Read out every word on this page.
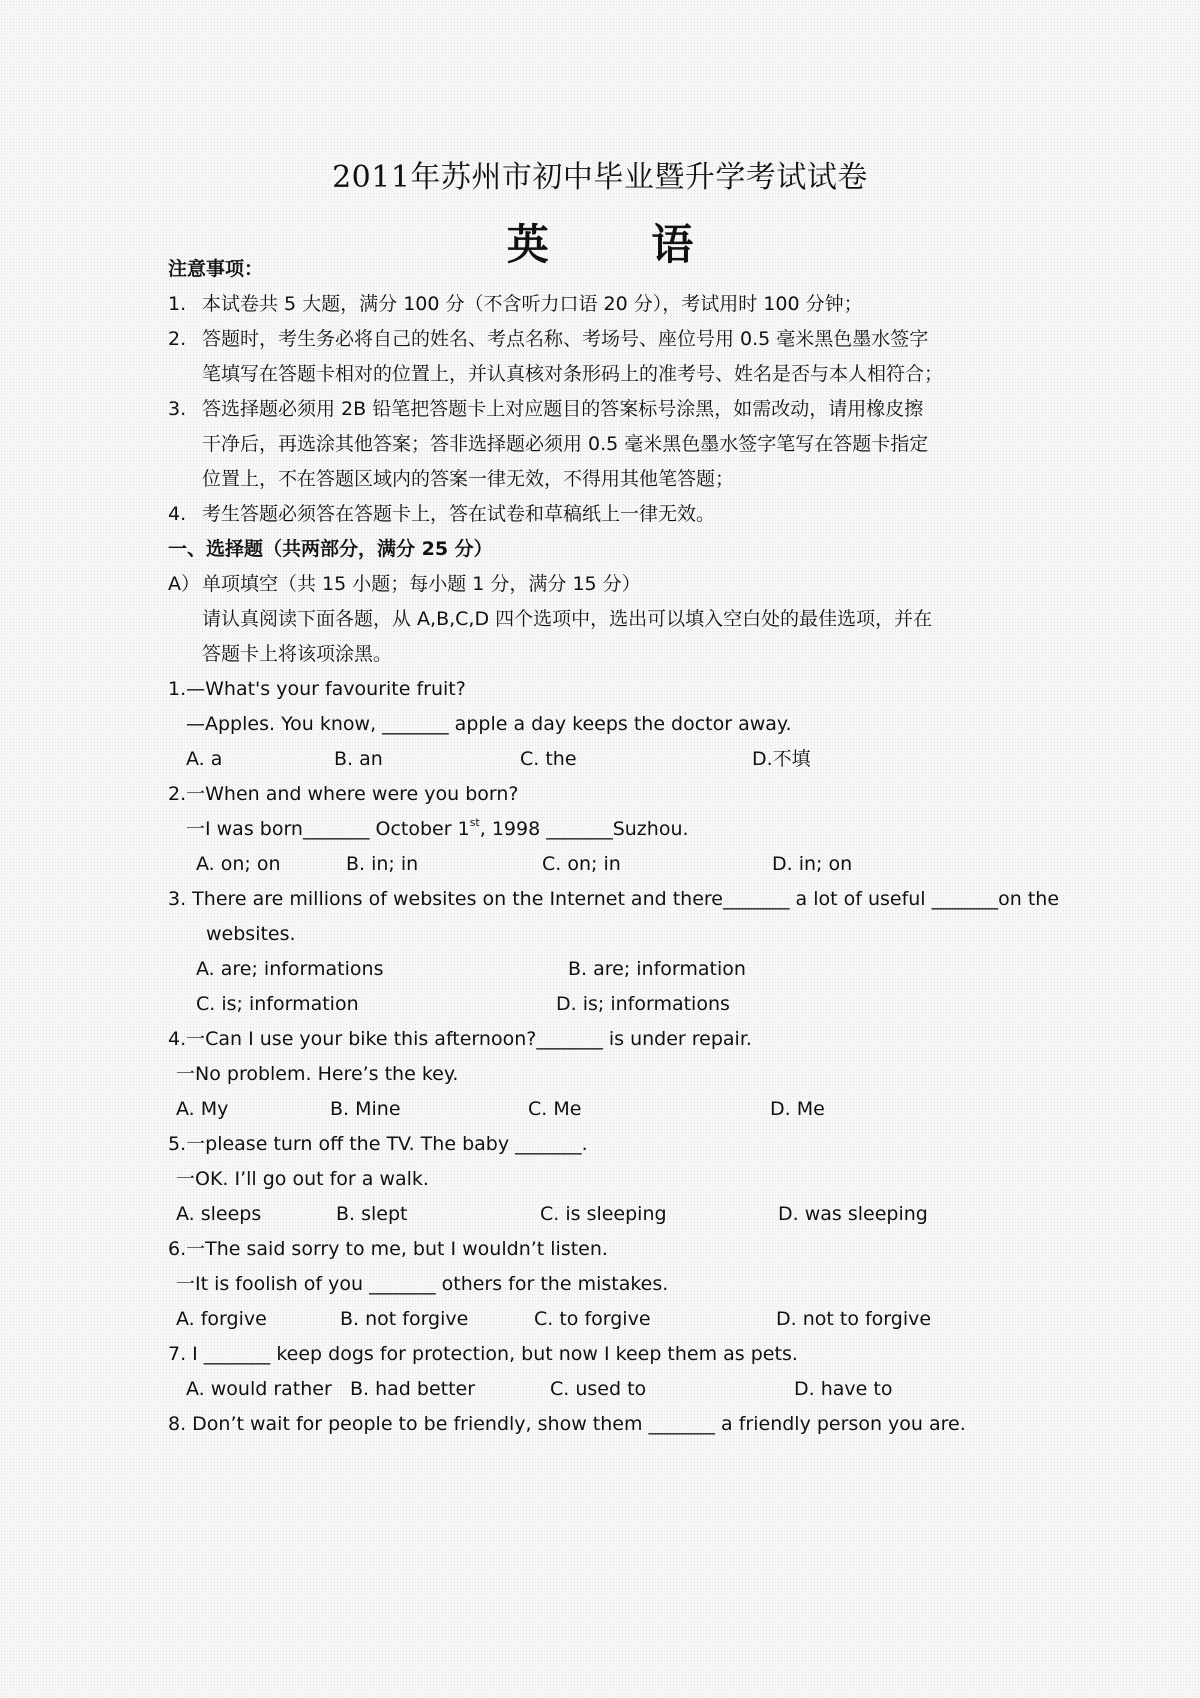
2011年苏州市初中毕业暨升学考试试卷
英 语
注意事项：
1. 本试卷共 5 大题，满分 100 分（不含听力口语 20 分），考试用时 100 分钟；
2. 答题时，考生务必将自己的姓名、考点名称、考场号、座位号用 0.5 毫米黑色墨水签字
笔填写在答题卡相对的位置上，并认真核对条形码上的准考号、姓名是否与本人相符合；
3. 答选择题必须用 2B 铅笔把答题卡上对应题目的答案标号涂黑，如需改动，请用橡皮擦
干净后，再选涂其他答案；答非选择题必须用 0.5 毫米黑色墨水签字笔写在答题卡指定
位置上，不在答题区域内的答案一律无效，不得用其他笔答题；
4. 考生答题必须答在答题卡上，答在试卷和草稿纸上一律无效。
一、选择题（共两部分，满分 25 分）
A） 单项填空（共 15 小题；每小题 1 分，满分 15 分）
请认真阅读下面各题，从 A,B,C,D 四个选项中，选出可以填入空白处的最佳选项，并在
答题卡上将该项涂黑。
1.—What's your favourite fruit?
—Apples. You know, _______ apple a day keeps the doctor away.
A. a	B. an	C. the	D.不填
2.一When and where were you born?
一I was born_______ October 1st, 1998 _______Suzhou.
A. on; on	B. in; in	C. on; in	D. in; on
3. There are millions of websites on the Internet and there_______ a lot of useful _______on the
websites.
A. are; informations	B. are; information
C. is; information	D. is; informations
4.一Can I use your bike this afternoon?_______ is under repair.
一No problem. Here’s the key.
A. My	B. Mine	C. Me	D. Me
5.一please turn off the TV. The baby _______.
一OK. I’ll go out for a walk.
A. sleeps	B. slept	C. is sleeping	D. was sleeping
6.一The said sorry to me, but I wouldn’t listen.
一It is foolish of you _______ others for the mistakes.
A. forgive	B. not forgive	C. to forgive	D. not to forgive
7. I _______ keep dogs for protection, but now I keep them as pets.
A. would rather B. had better	C. used to	D. have to
8. Don’t wait for people to be friendly, show them _______ a friendly person you are.
